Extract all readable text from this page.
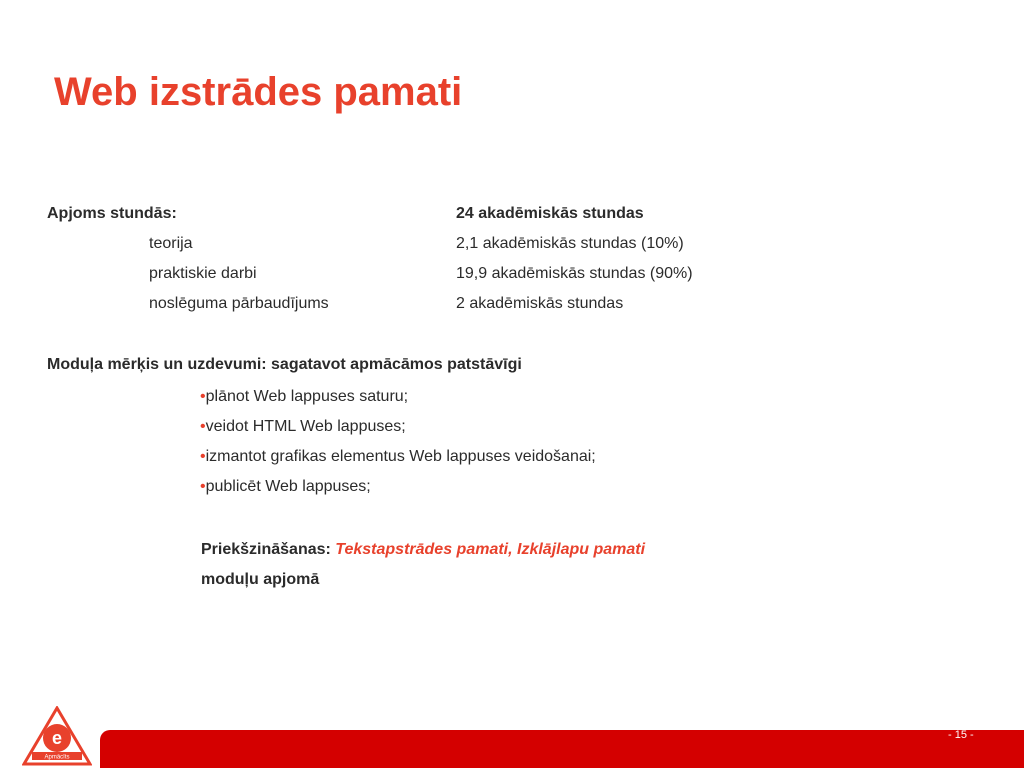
Web izstrādes pamati
Apjoms stundās:	24 akadēmiskās stundas
teorija	2,1 akadēmiskās stundas (10%)
praktiskie darbi	19,9 akadēmiskās stundas (90%)
noslēguma pārbaudījums	2 akadēmiskās stundas
Moduļa mērķis un uzdevumi: sagatavot apmācāmos patstāvīgi
•plānot Web lappuses saturu;
•veidot HTML Web lappuses;
•izmantot grafikas elementus Web lappuses veidošanai;
•publicēt Web lappuses;
Priekšzināšanas: Tekstapstrādes pamati, Izklājlapu pamati
moduļu apjomā
- 15 -
e
Apmācīts
